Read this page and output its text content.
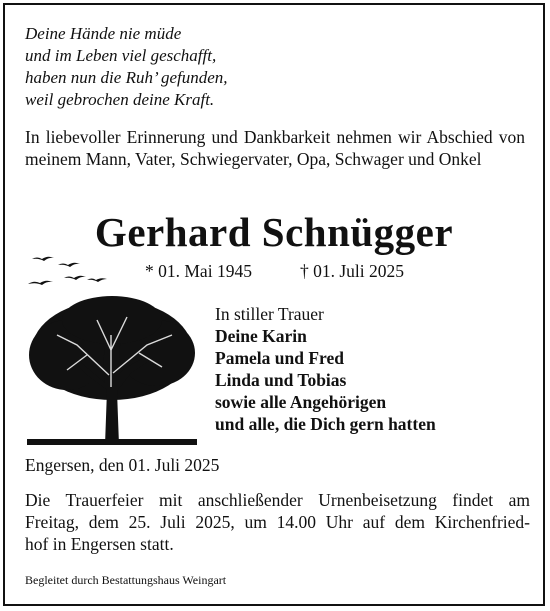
Deine Hände nie müde
und im Leben viel geschafft,
haben nun die Ruh’ gefunden,
weil gebrochen deine Kraft.

In liebevoller Erinnerung und Dankbarkeit nehmen wir Abschied von meinem Mann, Vater, Schwiegervater, Opa, Schwager und Onkel

Gerhard Schnügger
* 01. Mai 1945	† 01. Juli 2025
In stiller Trauer
Deine Karin
Pamela und Fred
Linda und Tobias
sowie alle Angehörigen
und alle, die Dich gern hatten
Engersen, den 01. Juli 2025
Die Trauerfeier mit anschließender Urnenbeisetzung findet am
Freitag, dem 25. Juli 2025, um 14.00 Uhr auf dem Kirchenfried-
hof in Engersen statt.
Begleitet durch Bestattungshaus Weingart
